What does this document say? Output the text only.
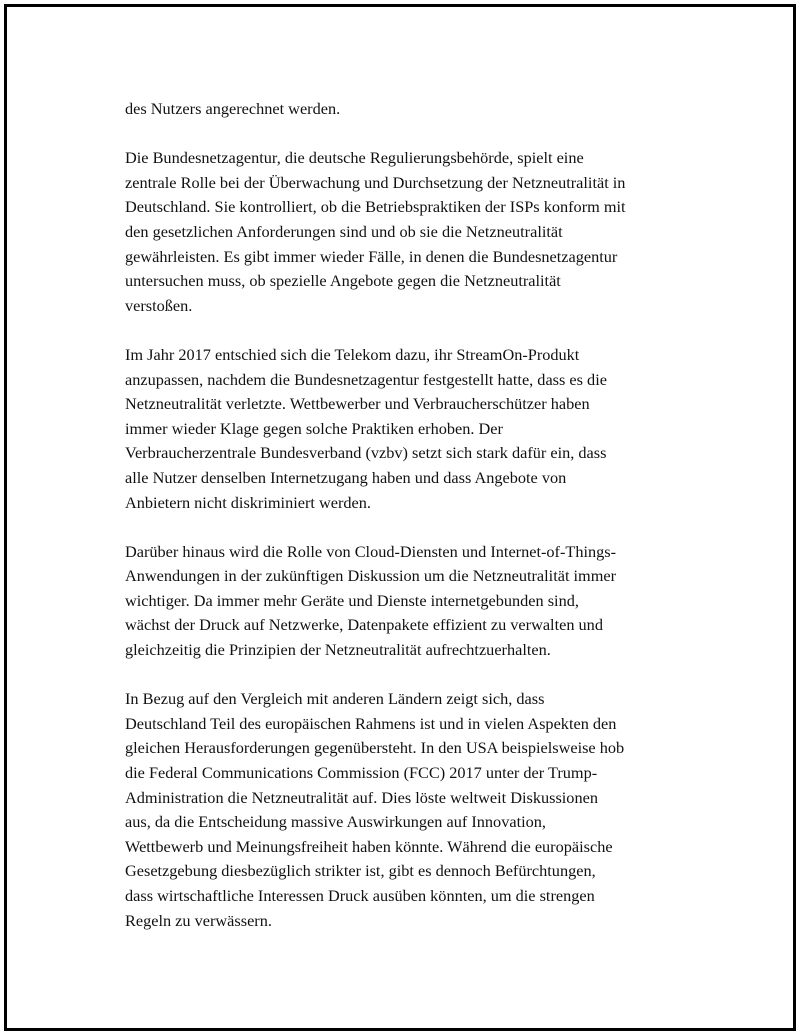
des Nutzers angerechnet werden.

Die Bundesnetzagentur, die deutsche Regulierungsbehörde, spielt eine
zentrale Rolle bei der Überwachung und Durchsetzung der Netzneutralität in
Deutschland. Sie kontrolliert, ob die Betriebspraktiken der ISPs konform mit
den gesetzlichen Anforderungen sind und ob sie die Netzneutralität
gewährleisten. Es gibt immer wieder Fälle, in denen die Bundesnetzagentur
untersuchen muss, ob spezielle Angebote gegen die Netzneutralität
verstoßen.

Im Jahr 2017 entschied sich die Telekom dazu, ihr StreamOn-Produkt
anzupassen, nachdem die Bundesnetzagentur festgestellt hatte, dass es die
Netzneutralität verletzte. Wettbewerber und Verbraucherschützer haben
immer wieder Klage gegen solche Praktiken erhoben. Der
Verbraucherzentrale Bundesverband (vzbv) setzt sich stark dafür ein, dass
alle Nutzer denselben Internetzugang haben und dass Angebote von
Anbietern nicht diskriminiert werden.

Darüber hinaus wird die Rolle von Cloud-Diensten und Internet-of-Things-
Anwendungen in der zukünftigen Diskussion um die Netzneutralität immer
wichtiger. Da immer mehr Geräte und Dienste internetgebunden sind,
wächst der Druck auf Netzwerke, Datenpakete effizient zu verwalten und
gleichzeitig die Prinzipien der Netzneutralität aufrechtzuerhalten.

In Bezug auf den Vergleich mit anderen Ländern zeigt sich, dass
Deutschland Teil des europäischen Rahmens ist und in vielen Aspekten den
gleichen Herausforderungen gegenübersteht. In den USA beispielsweise hob
die Federal Communications Commission (FCC) 2017 unter der Trump-
Administration die Netzneutralität auf. Dies löste weltweit Diskussionen
aus, da die Entscheidung massive Auswirkungen auf Innovation,
Wettbewerb und Meinungsfreiheit haben könnte. Während die europäische
Gesetzgebung diesbezüglich strikter ist, gibt es dennoch Befürchtungen,
dass wirtschaftliche Interessen Druck ausüben könnten, um die strengen
Regeln zu verwässern.
